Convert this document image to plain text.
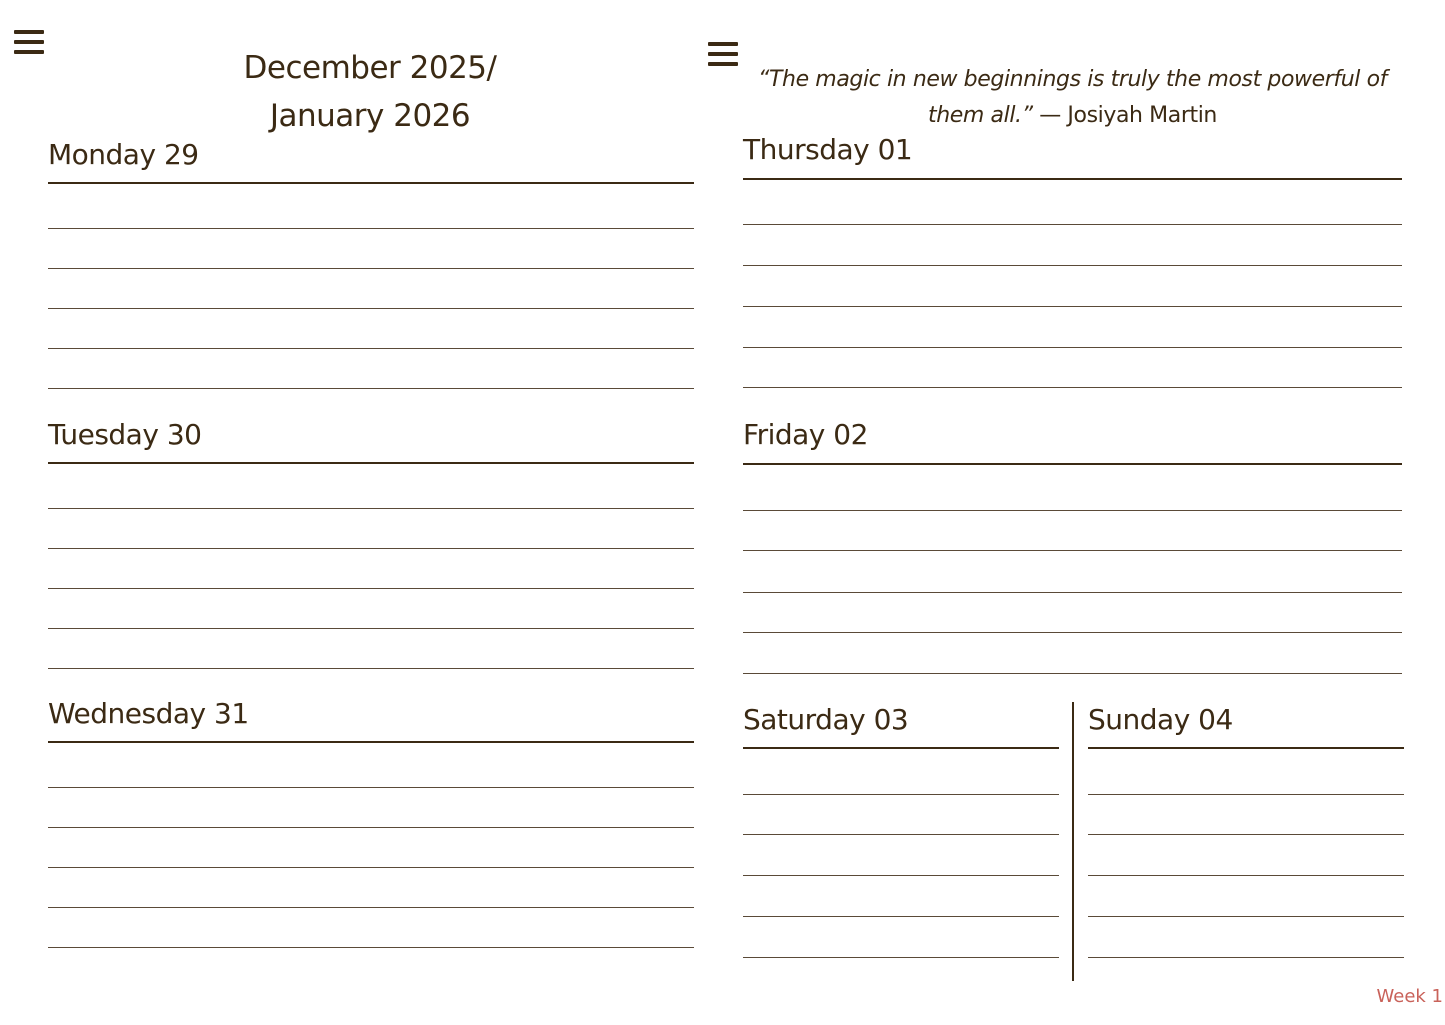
December 2025/
January 2026
“The magic in new beginnings is truly the most powerful of them all.” — Josiyah Martin
Monday 29
Tuesday 30
Wednesday 31
Thursday 01
Friday 02
Saturday 03	Sunday 04
Week 1
